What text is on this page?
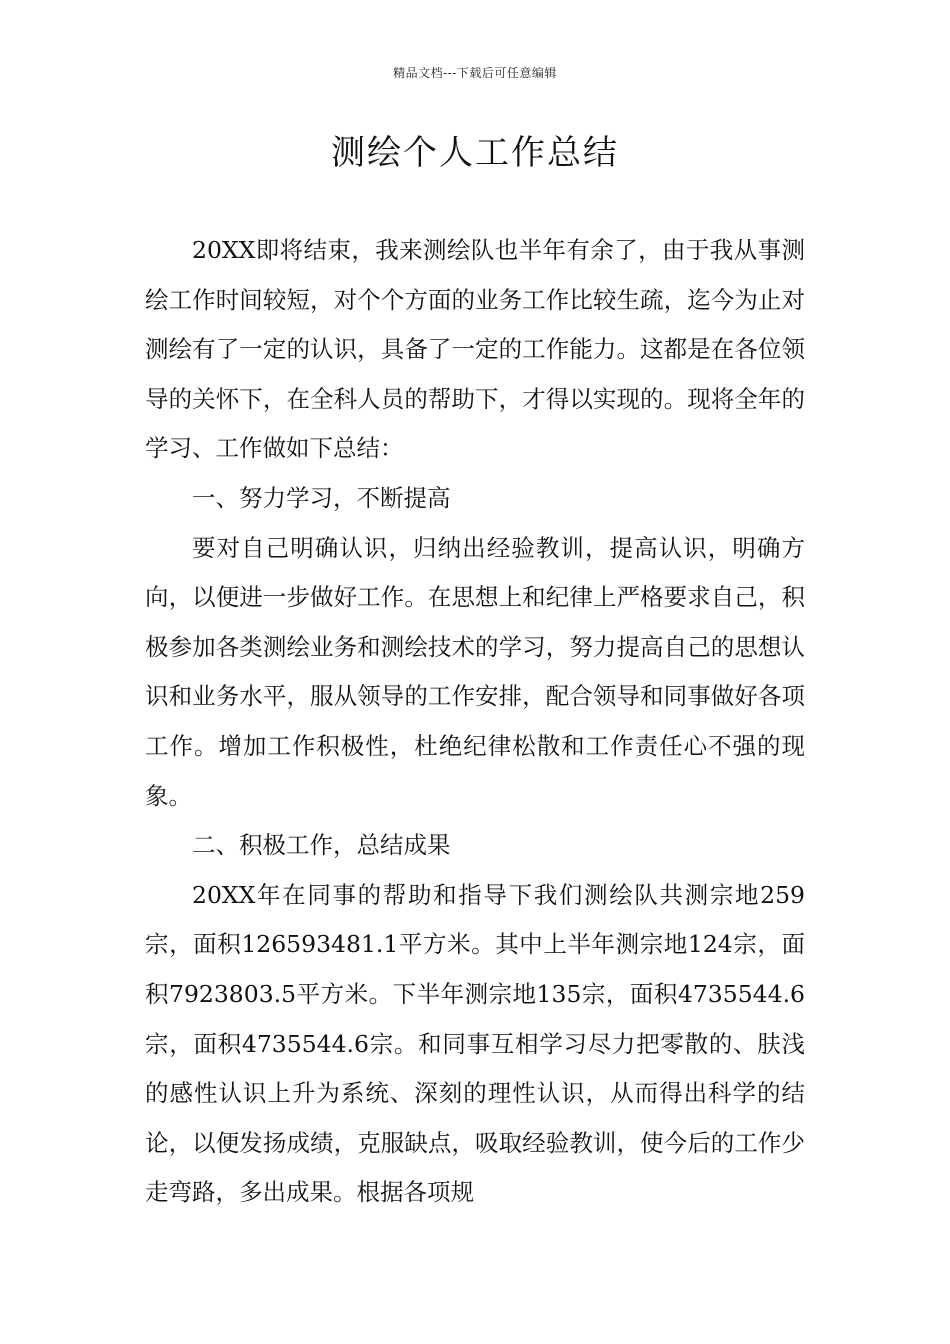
精品文档---下载后可任意编辑
测绘个人工作总结

20XX即将结束，我来测绘队也半年有余了，由于我从事测绘工作时间较短，对个个方面的业务工作比较生疏，迄今为止对测绘有了一定的认识，具备了一定的工作能力。这都是在各位领导的关怀下，在全科人员的帮助下，才得以实现的。现将全年的学习、工作做如下总结：

一、努力学习，不断提高

要对自己明确认识，归纳出经验教训，提高认识，明确方向，以便进一步做好工作。在思想上和纪律上严格要求自己，积极参加各类测绘业务和测绘技术的学习，努力提高自己的思想认识和业务水平，服从领导的工作安排，配合领导和同事做好各项工作。增加工作积极性，杜绝纪律松散和工作责任心不强的现象。

二、积极工作，总结成果

20XX年在同事的帮助和指导下我们测绘队共测宗地259宗，面积126593481.1平方米。其中上半年测宗地124宗，面积7923803.5平方米。下半年测宗地135宗，面积4735544.6宗，面积4735544.6宗。和同事互相学习尽力把零散的、肤浅的感性认识上升为系统、深刻的理性认识，从而得出科学的结论，以便发扬成绩，克服缺点，吸取经验教训，使今后的工作少走弯路，多出成果。根据各项规
